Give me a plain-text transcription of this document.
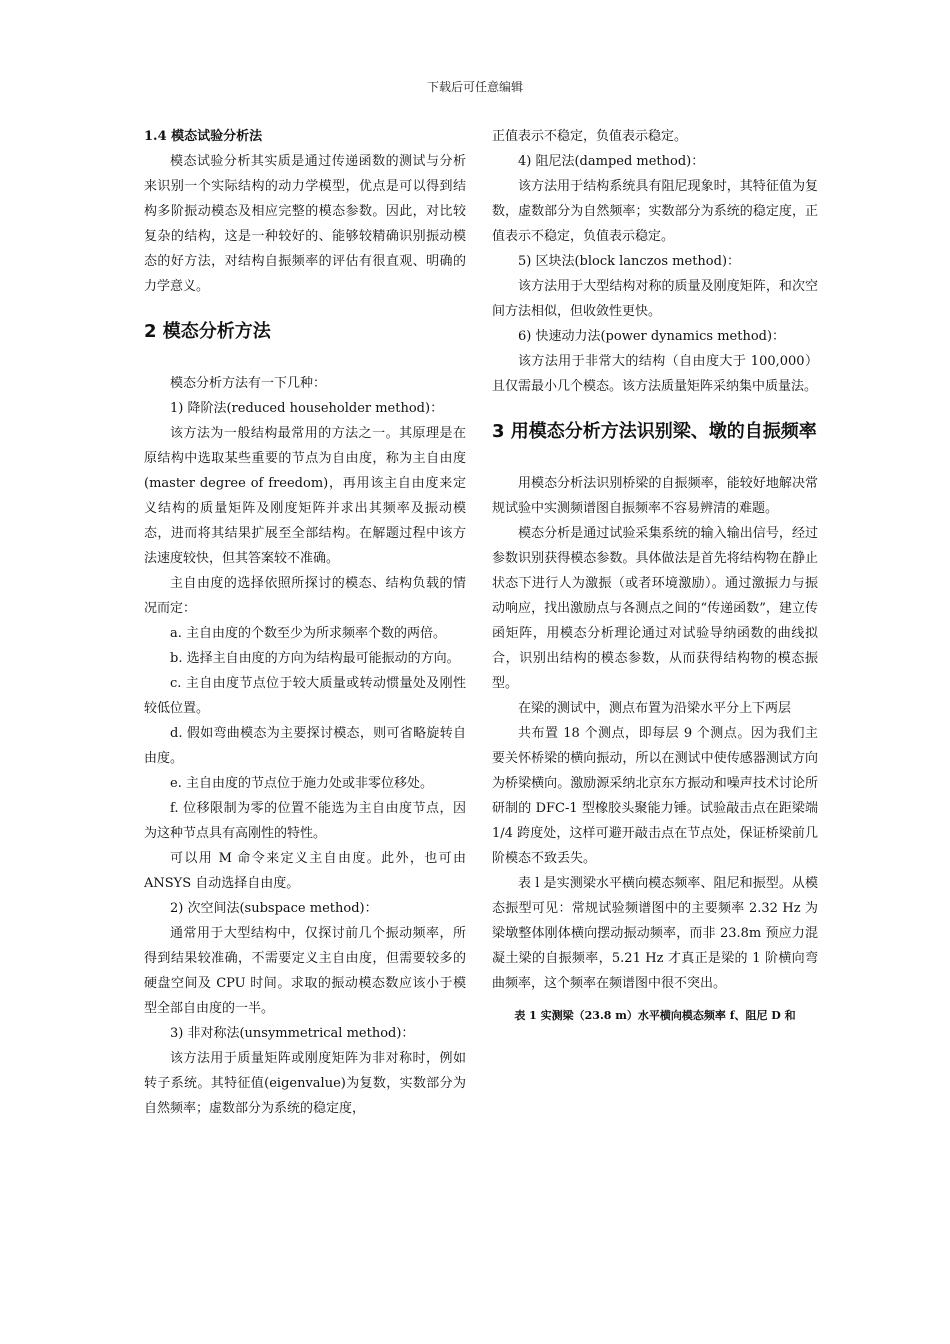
下载后可任意编辑

1.4 模态试验分析法

模态试验分析其实质是通过传递函数的测试与分析来识别一个实际结构的动力学模型，优点是可以得到结构多阶振动模态及相应完整的模态参数。因此，对比较复杂的结构，这是一种较好的、能够较精确识别振动模态的好方法，对结构自振频率的评估有很直观、明确的力学意义。

2 模态分析方法

模态分析方法有一下几种：

1) 降阶法(reduced householder method)：

该方法为一般结构最常用的方法之一。其原理是在原结构中选取某些重要的节点为自由度，称为主自由度(master degree of freedom)，再用该主自由度来定义结构的质量矩阵及刚度矩阵并求出其频率及振动模态，进而将其结果扩展至全部结构。在解题过程中该方法速度较快，但其答案较不准确。

主自由度的选择依照所探讨的模态、结构负载的情况而定：

a. 主自由度的个数至少为所求频率个数的两倍。

b. 选择主自由度的方向为结构最可能振动的方向。

c. 主自由度节点位于较大质量或转动惯量处及刚性较低位置。

d. 假如弯曲模态为主要探讨模态，则可省略旋转自由度。

e. 主自由度的节点位于施力处或非零位移处。

f. 位移限制为零的位置不能选为主自由度节点，因为这种节点具有高刚性的特性。

可以用 M 命令来定义主自由度。此外，也可由 ANSYS 自动选择自由度。

2) 次空间法(subspace method)：

通常用于大型结构中，仅探讨前几个振动频率，所得到结果较准确，不需要定义主自由度，但需要较多的硬盘空间及 CPU 时间。求取的振动模态数应该小于模型全部自由度的一半。

3) 非对称法(unsymmetrical method)：

该方法用于质量矩阵或刚度矩阵为非对称时，例如转子系统。其特征值(eigenvalue)为复数，实数部分为自然频率；虚数部分为系统的稳定度，

正值表示不稳定，负值表示稳定。

4) 阻尼法(damped method)：

该方法用于结构系统具有阻尼现象时，其特征值为复数，虚数部分为自然频率；实数部分为系统的稳定度，正值表示不稳定，负值表示稳定。

5) 区块法(block lanczos method)：

该方法用于大型结构对称的质量及刚度矩阵，和次空间方法相似，但收敛性更快。

6) 快速动力法(power dynamics method)：

该方法用于非常大的结构（自由度大于 100,000）且仅需最小几个模态。该方法质量矩阵采纳集中质量法。

3 用模态分析方法识别梁、墩的自振频率

用模态分析法识别桥梁的自振频率，能较好地解决常规试验中实测频谱图自振频率不容易辨清的难题。

模态分析是通过试验采集系统的输入输出信号，经过参数识别获得模态参数。具体做法是首先将结构物在静止状态下进行人为激振（或者环境激励）。通过激振力与振动响应，找出激励点与各测点之间的“传递函数”，建立传函矩阵，用模态分析理论通过对试验导纳函数的曲线拟合，识别出结构的模态参数，从而获得结构物的模态振型。

在梁的测试中，测点布置为沿梁水平分上下两层

共布置 18 个测点，即每层 9 个测点。因为我们主要关怀桥梁的横向振动，所以在测试中使传感器测试方向为桥梁横向。激励源采纳北京东方振动和噪声技术讨论所研制的 DFC-1 型橡胶头聚能力锤。试验敲击点在距梁端 1/4 跨度处，这样可避开敲击点在节点处，保证桥梁前几阶模态不致丢失。

表 l 是实测梁水平横向模态频率、阻尼和振型。从模态振型可见：常规试验频谱图中的主要频率 2.32 Hz 为梁墩整体刚体横向摆动振动频率，而非 23.8m 预应力混凝土梁的自振频率，5.21 Hz 才真正是梁的 1 阶横向弯曲频率，这个频率在频谱图中很不突出。

表 1 实测梁（23.8 m）水平横向模态频率 f、阻尼 D 和
